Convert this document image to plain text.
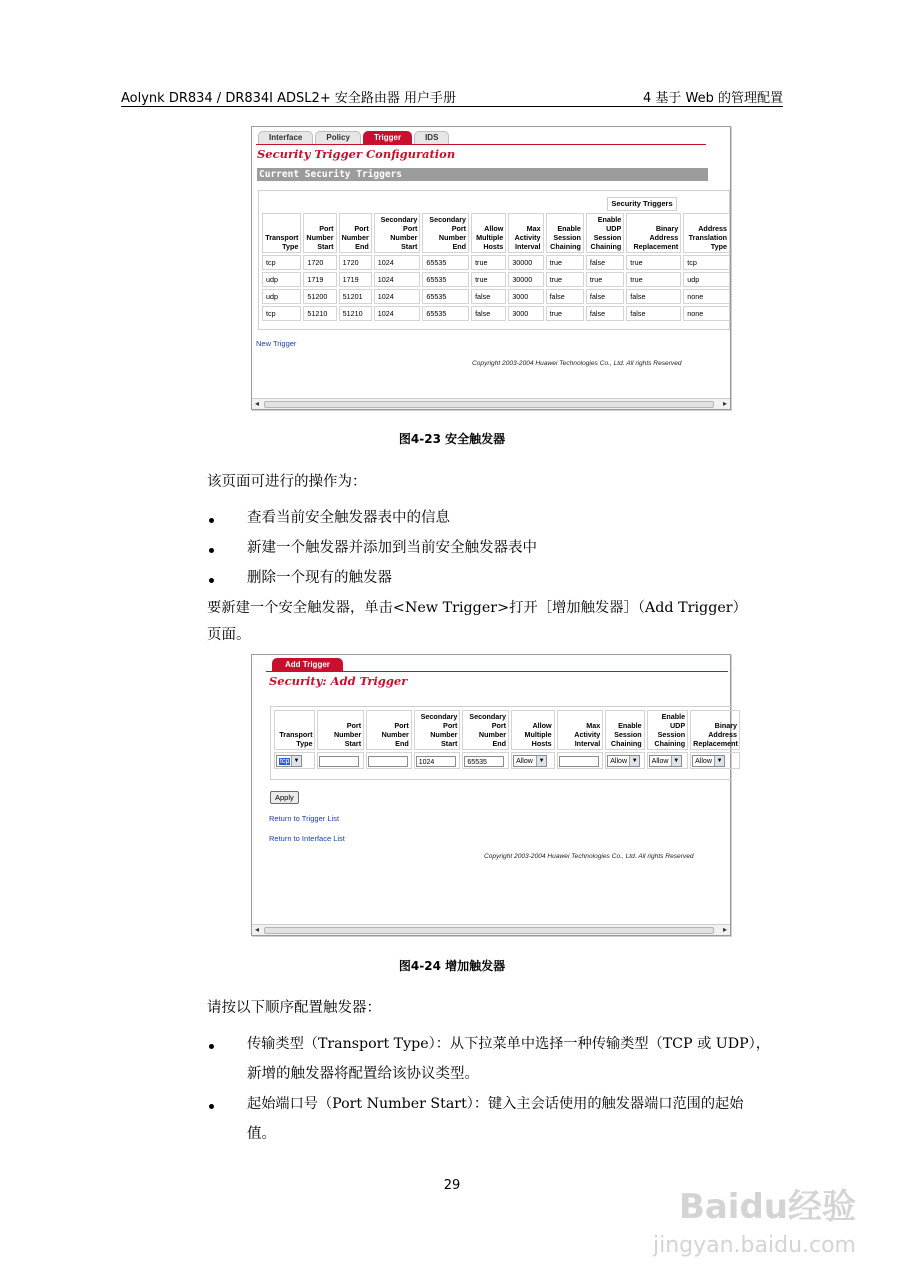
Aolynk DR834 / DR834I ADSL2+ 安全路由器 用户手册	4 基于 Web 的管理配置
Interface	Policy	Trigger	IDS
Security Trigger Configuration
Current Security Triggers
Security Triggers
Transport Type	Port Number Start	Port Number End	Secondary Port Number Start	Secondary Port Number End	Allow Multiple Hosts	Max Activity Interval	Enable Session Chaining	Enable UDP Session Chaining	Binary Address Replacement	Address Translation Type
tcp	1720	1720	1024	65535	true	30000	true	false	true	tcp
udp	1719	1719	1024	65535	true	30000	true	true	true	udp
udp	51200	51201	1024	65535	false	3000	false	false	false	none
tcp	51210	51210	1024	65535	false	3000	true	false	false	none
New Trigger
Copyright 2003-2004 Huawei Technologies Co., Ltd. All rights Reserved
◂	▸
图4-23 安全触发器
该页面可进行的操作为：
查看当前安全触发器表中的信息
新建一个触发器并添加到当前安全触发器表中
删除一个现有的触发器
要新建一个安全触发器，单击<New Trigger>打开［增加触发器］（Add Trigger）
页面。
Add Trigger
Security: Add Trigger
Transport Type	Port Number Start	Port Number End	Secondary Port Number Start	Secondary Port Number End	Allow Multiple Hosts	Max Activity Interval	Enable Session Chaining	Enable UDP Session Chaining	Binary Address Replacement
tcp ▼			1024	65535	Allow ▼		Allow ▼	Allow ▼	Allow ▼
Apply
Return to Trigger List
Return to Interface List
Copyright 2003-2004 Huawei Technologies Co., Ltd. All rights Reserved
◂	▸
图4-24 增加触发器
请按以下顺序配置触发器：
传输类型（Transport Type）：从下拉菜单中选择一种传输类型（TCP 或 UDP），
新增的触发器将配置给该协议类型。
起始端口号（Port Number Start）：键入主会话使用的触发器端口范围的起始
值。
29
Baidu经验
jingyan.baidu.com
